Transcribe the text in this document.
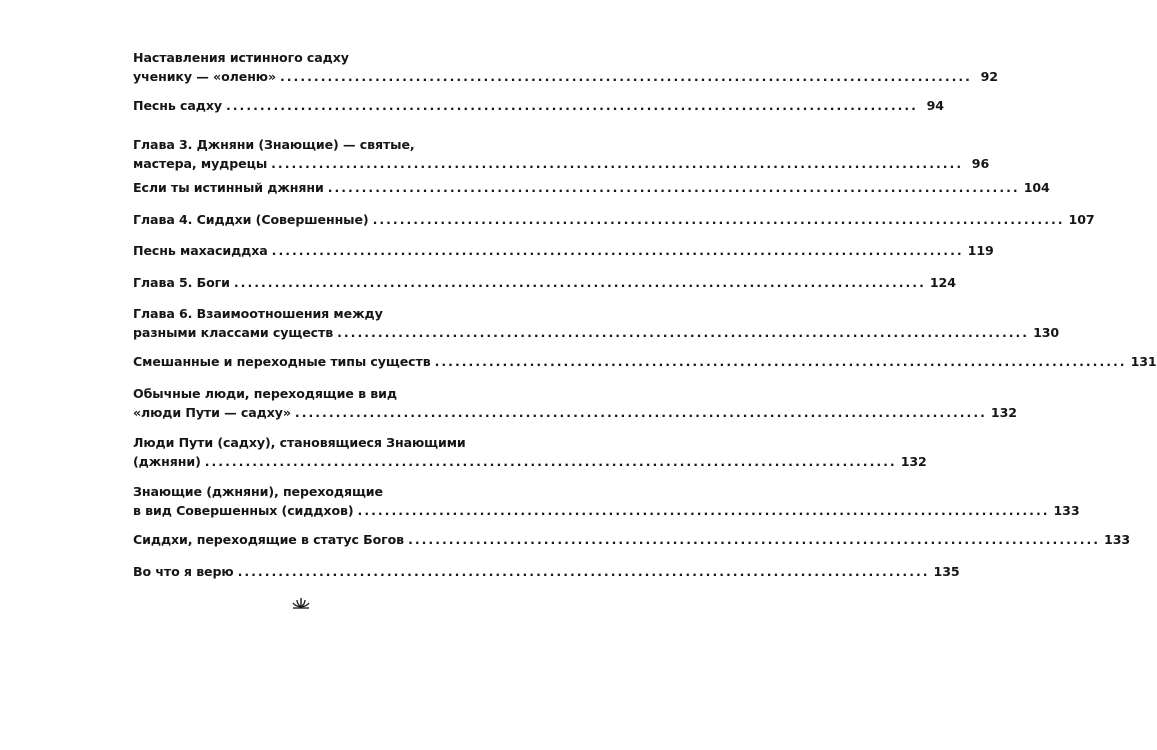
Наставления истинного садху
ученику — «оленю» ...................................................................................................... 92
Песнь садху ...................................................................................................... 94
Глава 3. Джняни (Знающие) — святые,
мастера, мудрецы ...................................................................................................... 96
Если ты истинный джняни ...................................................................................................... 104
Глава 4. Сиддхи (Совершенные) ...................................................................................................... 107
Песнь махасиддха ...................................................................................................... 119
Глава 5. Боги ...................................................................................................... 124
Глава 6. Взаимоотношения между
разными классами существ ...................................................................................................... 130
Смешанные и переходные типы существ ...................................................................................................... 131
Обычные люди, переходящие в вид
«люди Пути — садху» ...................................................................................................... 132
Люди Пути (садху), становящиеся Знающими
(джняни) ...................................................................................................... 132
Знающие (джняни), переходящие
в вид Совершенных (сиддхов) ...................................................................................................... 133
Сиддхи, переходящие в статус Богов ...................................................................................................... 133
Во что я верю ...................................................................................................... 135
